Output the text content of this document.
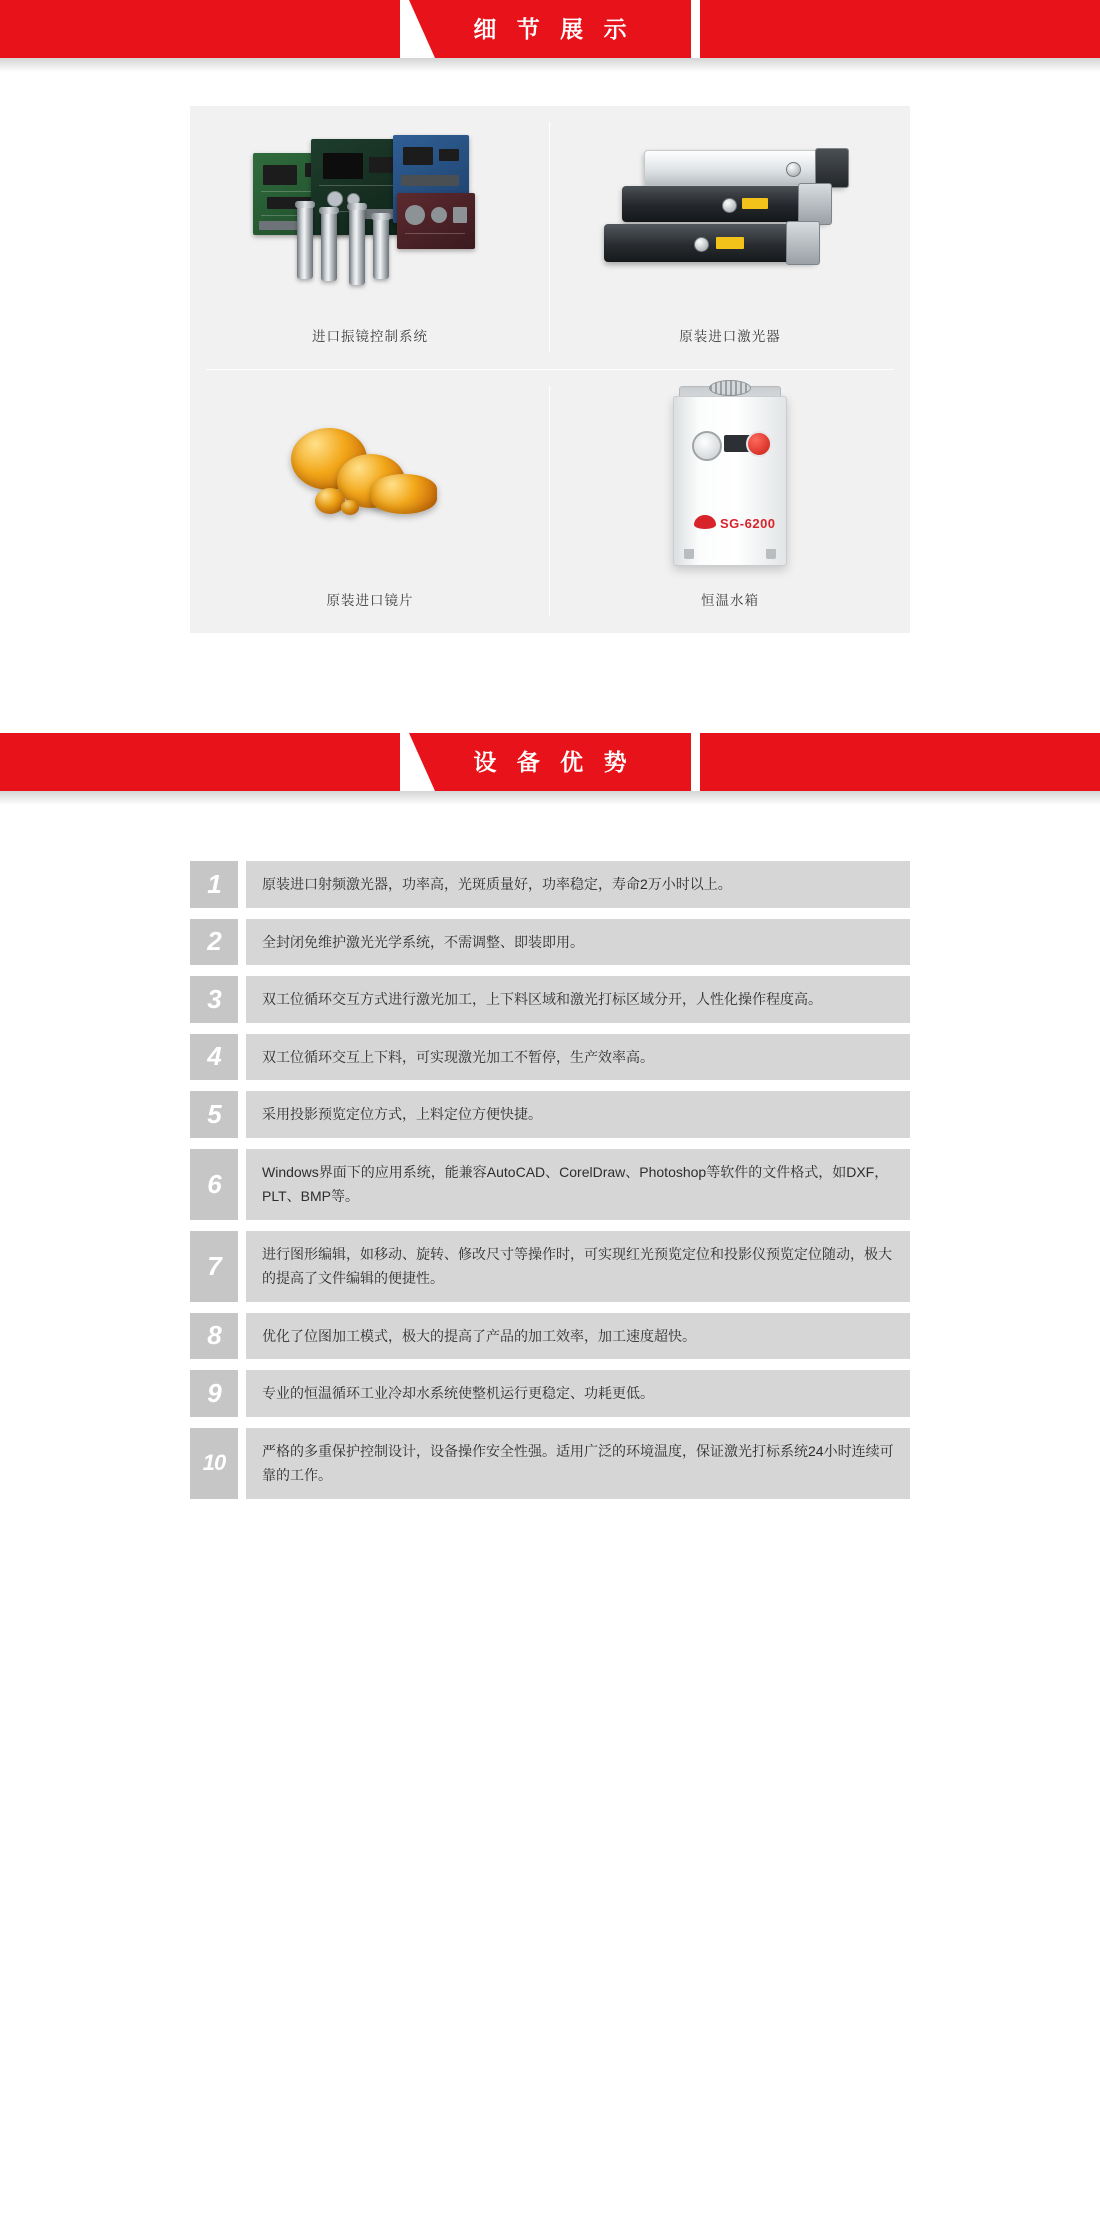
细 节 展 示
进口振镜控制系统	原装进口激光器
原装进口镜片
SG-6200
恒温水箱
设 备 优 势
1	原装进口射频激光器，功率高，光斑质量好，功率稳定，寿命2万小时以上。
2	全封闭免维护激光光学系统，不需调整、即装即用。
3	双工位循环交互方式进行激光加工，上下料区域和激光打标区域分开，人性化操作程度高。
4	双工位循环交互上下料，可实现激光加工不暂停，生产效率高。
5	采用投影预览定位方式，上料定位方便快捷。
6	Windows界面下的应用系统，能兼容AutoCAD、CorelDraw、Photoshop等软件的文件格式，如DXF，PLT、BMP等。
7	进行图形编辑，如移动、旋转、修改尺寸等操作时，可实现红光预览定位和投影仪预览定位随动，极大的提高了文件编辑的便捷性。
8	优化了位图加工模式，极大的提高了产品的加工效率，加工速度超快。
9	专业的恒温循环工业冷却水系统使整机运行更稳定、功耗更低。
10	严格的多重保护控制设计，设备操作安全性强。适用广泛的环境温度，保证激光打标系统24小时连续可靠的工作。
